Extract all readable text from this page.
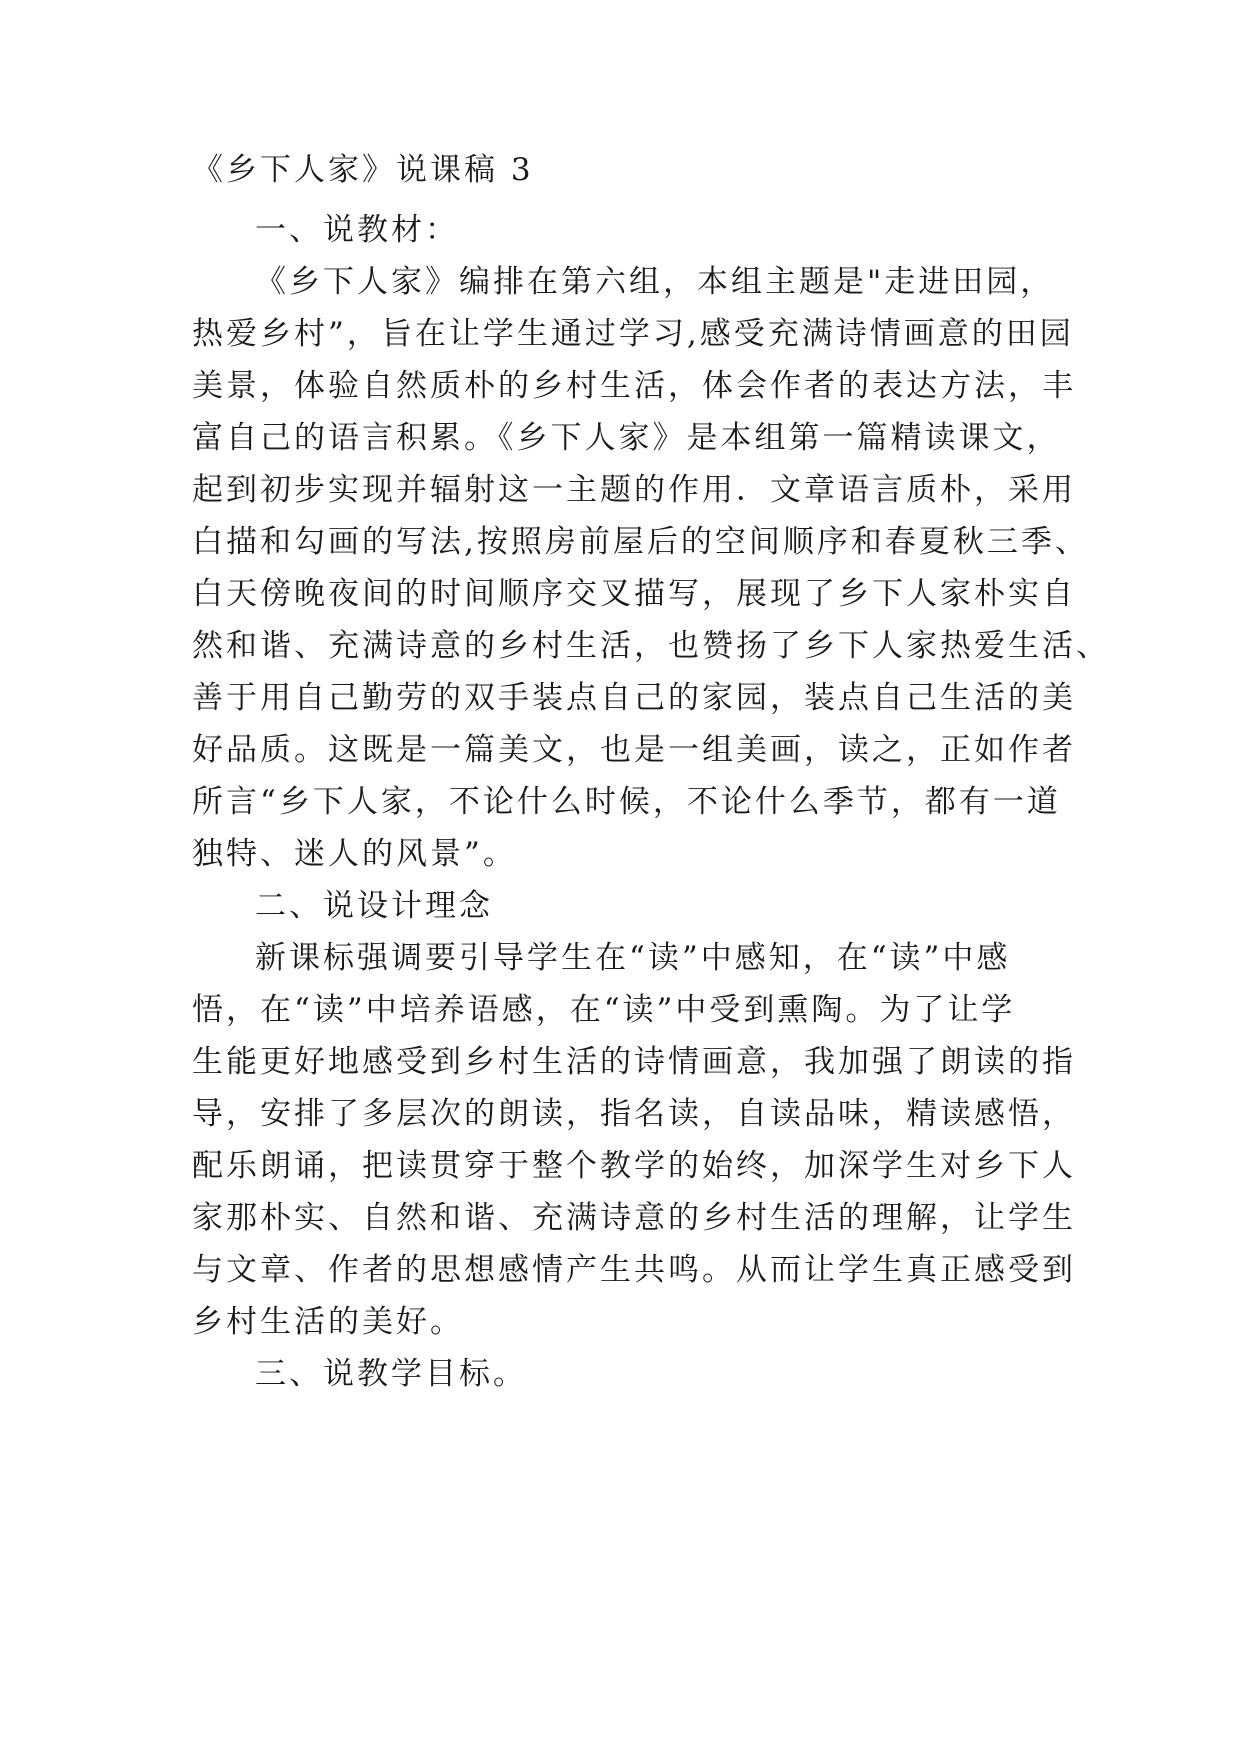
《乡下人家》说课稿 3
一、说教材：
《乡下人家》编排在第六组，本组主题是"走进田园，
热爱乡村”，旨在让学生通过学习,感受充满诗情画意的田园
美景，体验自然质朴的乡村生活，体会作者的表达方法，丰
富自己的语言积累。《乡下人家》是本组第一篇精读课文，
起到初步实现并辐射这一主题的作用．文章语言质朴，采用
白描和勾画的写法,按照房前屋后的空间顺序和春夏秋三季、
白天傍晚夜间的时间顺序交叉描写，展现了乡下人家朴实自
然和谐、充满诗意的乡村生活，也赞扬了乡下人家热爱生活、
善于用自己勤劳的双手装点自己的家园，装点自己生活的美
好品质。这既是一篇美文，也是一组美画，读之，正如作者
所言“乡下人家，不论什么时候，不论什么季节，都有一道
独特、迷人的风景”。
二、说设计理念
新课标强调要引导学生在“读”中感知，在“读”中感
悟，在“读”中培养语感，在“读”中受到熏陶。为了让学
生能更好地感受到乡村生活的诗情画意，我加强了朗读的指
导，安排了多层次的朗读，指名读，自读品味，精读感悟，
配乐朗诵，把读贯穿于整个教学的始终，加深学生对乡下人
家那朴实、自然和谐、充满诗意的乡村生活的理解，让学生
与文章、作者的思想感情产生共鸣。从而让学生真正感受到
乡村生活的美好。
三、说教学目标。
